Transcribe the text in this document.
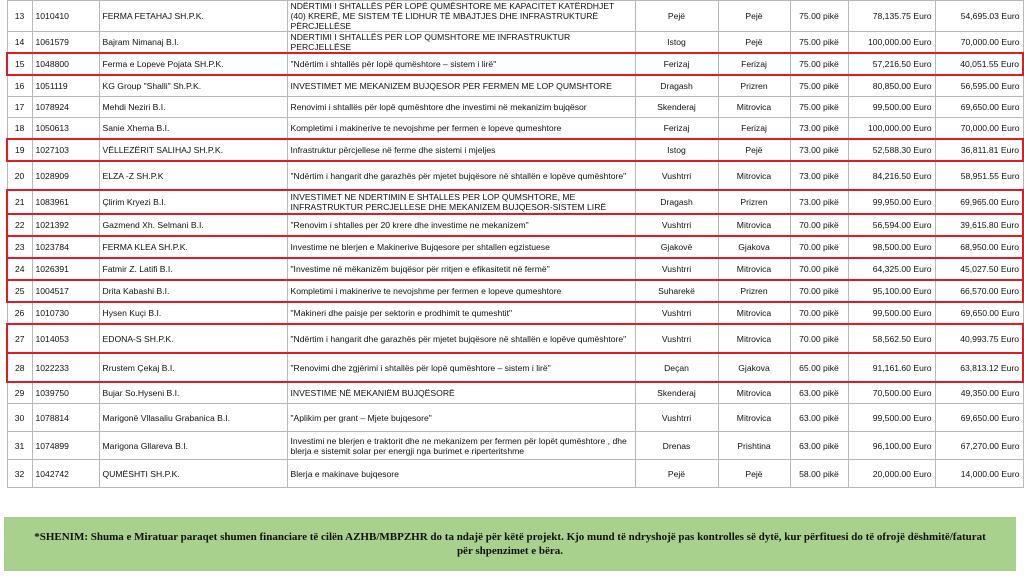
13	1010410	FERMA FETAHAJ SH.P.K.	NDËRTIMI I SHTALLËS PËR LOPË QUMËSHTORE ME KAPACITET KATËRDHJET (40) KRERË, ME SISTEM TË LIDHUR TË MBAJTJES DHE INFRASTRUKTURË PËRCJELLËSE	Pejë	Pejë	75.00 pikë	78,135.75 Euro	54,695.03 Euro
14	1061579	Bajram Nimanaj B.I.	NDERTIMI I SHTALLËS PER LOP QUMSHTORE ME INFRASTRUKTUR PERCJELLËSE	Istog	Pejë	75.00 pikë	100,000.00 Euro	70,000.00 Euro
15	1048800	Ferma e Lopeve Pojata SH.P.K.	"Ndërtim i shtallës për lopë qumështore – sistem i lirë"	Ferizaj	Ferizaj	75.00 pikë	57,216.50 Euro	40,051.55 Euro
16	1051119	KG Group "Shalli" Sh.P.K.	INVESTIMET ME MEKANIZEM BUJQESOR PER FERMEN ME LOP QUMSHTORE	Dragash	Prizren	75.00 pikë	80,850.00 Euro	56,595.00 Euro
17	1078924	Mehdi Neziri B.I.	Renovimi i shtallës për lopë qumështore dhe investimi në mekanizim bujqësor	Skenderaj	Mitrovica	75.00 pikë	99,500.00 Euro	69,650.00 Euro
18	1050613	Sanie Xhema B.I.	Kompletimi i makinerive te nevojshme per fermen e lopeve qumeshtore	Ferizaj	Ferizaj	73.00 pikë	100,000.00 Euro	70,000.00 Euro
19	1027103	VËLLEZËRIT SALIHAJ SH.P.K.	Infrastruktur përcjellese në ferme dhe sistemi i mjeljes	Istog	Pejë	73.00 pikë	52,588.30 Euro	36,811.81 Euro
20	1028909	ELZA -Z SH.P.K	"Ndërtim i hangarit dhe garazhës për mjetet bujqësore në shtallën e lopëve qumështore"	Vushtrri	Mitrovica	73.00 pikë	84,216.50 Euro	58,951.55 Euro

21	1083961	Çlirim Kryezi B.I.	INVESTIMET NE NDERTIMIN E SHTALLES PER LOP QUMSHTORE, ME INFRASTRUKTUR PERCJELLESE DHE MEKANIZEM BUJQESOR-SISTEM LIRË	Dragash	Prizren	73.00 pikë	99,950.00 Euro	69,965.00 Euro

22	1021392	Gazmend Xh. Selmani B.I.	"Renovim i shtalles per 20 krere dhe investime ne mekanizem"	Vushtrri	Mitrovica	70.00 pikë	56,594.00 Euro	39,615.80 Euro
23	1023784	FERMA KLEA SH.P.K.	Investime ne blerjen e Makinerive Bujqesore per shtallen egzistuese	Gjakovë	Gjakova	70.00 pikë	98,500.00 Euro	68,950.00 Euro
24	1026391	Fatmir Z. Latifi B.I.	"Investime në mëkanizëm bujqësor për rritjen e efikasitetit në fermë"	Vushtrri	Mitrovica	70.00 pikë	64,325.00 Euro	45,027.50 Euro
25	1004517	Drita Kabashi B.I.	Kompletimi i makinerive te nevojshme per fermen e lopeve qumeshtore	Suharekë	Prizren	70.00 pikë	95,100.00 Euro	66,570.00 Euro
26	1010730	Hysen Kuçi B.I.	"Makineri dhe paisje per sektorin e prodhimit te qumeshtit"	Vushtrri	Mitrovica	70.00 pikë	99,500.00 Euro	69,650.00 Euro
27	1014053	EDONA-S SH.P.K.	"Ndërtim i hangarit dhe garazhës për mjetet bujqësore në shtallën e lopëve qumështore"	Vushtrri	Mitrovica	70.00 pikë	58,562.50 Euro	40,993.75 Euro
28	1022233	Rrustem Çekaj B.I.	"Renovimi dhe zgjërimi i shtallës për lopë qumështore – sistem i lirë"	Deçan	Gjakova	65.00 pikë	91,161.60 Euro	63,813.12 Euro
29	1039750	Bujar So.Hyseni B.I.	INVESTIME NË MEKANIËM BUJQËSORË	Skenderaj	Mitrovica	63.00 pikë	70,500.00 Euro	49,350.00 Euro
30	1078814	Marigonë Vllasaliu Grabanica B.I.	"Aplikim per grant – Mjete bujqesore"	Vushtrri	Mitrovica	63.00 pikë	99,500.00 Euro	69,650.00 Euro
31	1074899	Marigona Gllareva B.I.	Investimi ne blerjen e traktorit dhe ne mekanizem per fermen për lopët qumështore , dhe blerja e sistemit solar per energji nga burimet e riperteritshme	Drenas	Prishtina	63.00 pikë	96,100.00 Euro	67,270.00 Euro
32	1042742	QUMËSHTI SH.P.K.	Blerja e makinave bujqesore	Pejë	Pejë	58.00 pikë	20,000.00 Euro	14,000.00 Euro
*SHENIM: Shuma e Miratuar paraqet shumen financiare të cilën AZHB/MBPZHR do ta ndajë për këtë projekt. Kjo mund të ndryshojë pas kontrolles së dytë, kur përfituesi do të ofrojë dëshmitë/faturat për shpenzimet e bëra.
